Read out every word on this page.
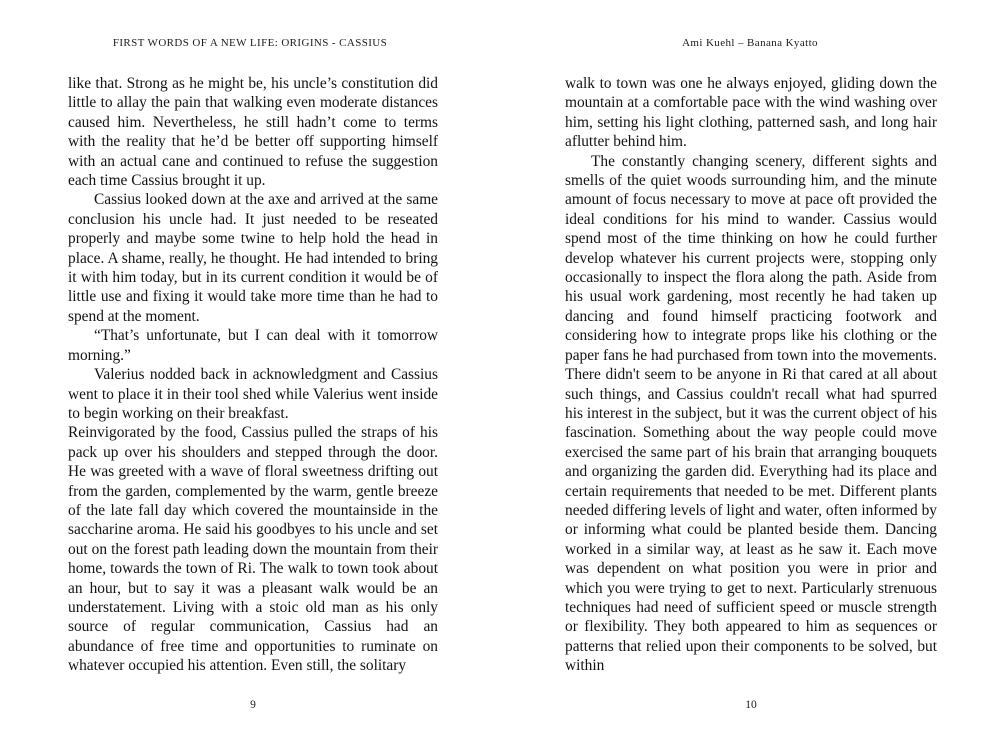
FIRST WORDS OF A NEW LIFE: ORIGINS - CASSIUS

like that. Strong as he might be, his uncle’s constitution did little to allay the pain that walking even moderate distances caused him. Nevertheless, he still hadn’t come to terms with the reality that he’d be better off supporting himself with an actual cane and continued to refuse the suggestion each time Cassius brought it up.

Cassius looked down at the axe and arrived at the same conclusion his uncle had. It just needed to be reseated properly and maybe some twine to help hold the head in place. A shame, really, he thought. He had intended to bring it with him today, but in its current condition it would be of little use and fixing it would take more time than he had to spend at the moment.

“That’s unfortunate, but I can deal with it tomorrow morning.”

Valerius nodded back in acknowledgment and Cassius went to place it in their tool shed while Valerius went inside to begin working on their breakfast.

Reinvigorated by the food, Cassius pulled the straps of his pack up over his shoulders and stepped through the door. He was greeted with a wave of floral sweetness drifting out from the garden, complemented by the warm, gentle breeze of the late fall day which covered the mountainside in the saccharine aroma. He said his goodbyes to his uncle and set out on the forest path leading down the mountain from their home, towards the town of Ri. The walk to town took about an hour, but to say it was a pleasant walk would be an understatement. Living with a stoic old man as his only source of regular communication, Cassius had an abundance of free time and opportunities to ruminate on whatever occupied his attention. Even still, the solitary

9
Ami Kuehl – Banana Kyatto

walk to town was one he always enjoyed, gliding down the mountain at a comfortable pace with the wind washing over him, setting his light clothing, patterned sash, and long hair aflutter behind him.

The constantly changing scenery, different sights and smells of the quiet woods surrounding him, and the minute amount of focus necessary to move at pace oft provided the ideal conditions for his mind to wander. Cassius would spend most of the time thinking on how he could further develop whatever his current projects were, stopping only occasionally to inspect the flora along the path. Aside from his usual work gardening, most recently he had taken up dancing and found himself practicing footwork and considering how to integrate props like his clothing or the paper fans he had purchased from town into the movements. There didn't seem to be anyone in Ri that cared at all about such things, and Cassius couldn't recall what had spurred his interest in the subject, but it was the current object of his fascination. Something about the way people could move exercised the same part of his brain that arranging bouquets and organizing the garden did. Everything had its place and certain requirements that needed to be met. Different plants needed differing levels of light and water, often informed by or informing what could be planted beside them. Dancing worked in a similar way, at least as he saw it. Each move was dependent on what position you were in prior and which you were trying to get to next. Particularly strenuous techniques had need of sufficient speed or muscle strength or flexibility. They both appeared to him as sequences or patterns that relied upon their components to be solved, but within

10
